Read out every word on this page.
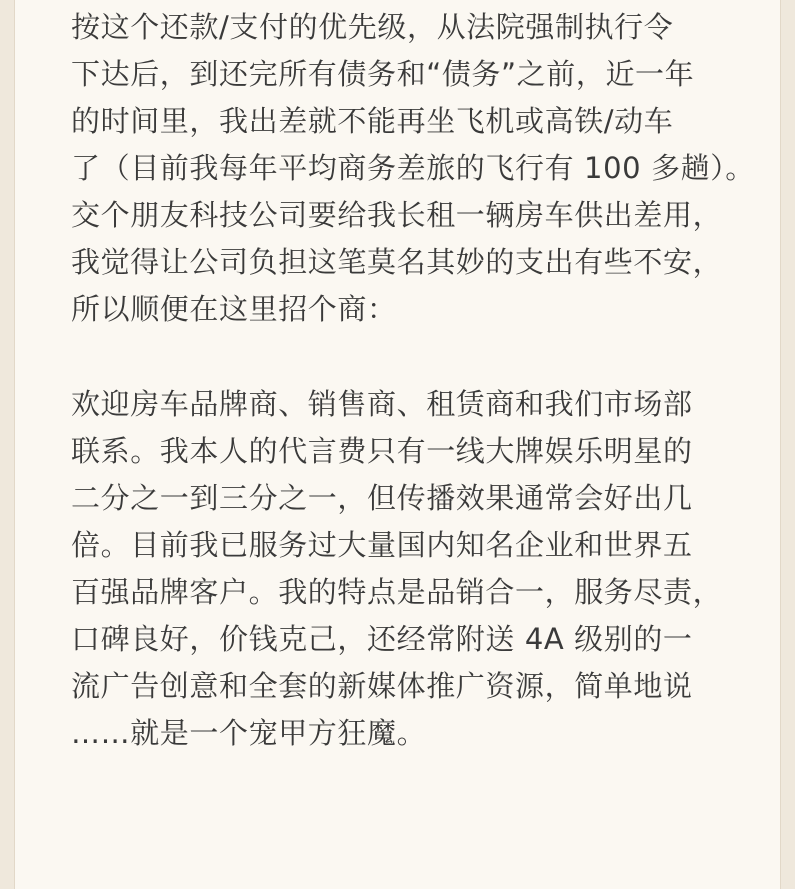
按这个还款/支付的优先级，从法院强制执行令
下达后，到还完所有债务和“债务”之前，近一年
的时间里，我出差就不能再坐飞机或高铁/动车
了（目前我每年平均商务差旅的飞行有 100 多趟）。
交个朋友科技公司要给我长租一辆房车供出差用，
我觉得让公司负担这笔莫名其妙的支出有些不安，
所以顺便在这里招个商：
欢迎房车品牌商、销售商、租赁商和我们市场部
联系。我本人的代言费只有一线大牌娱乐明星的
二分之一到三分之一，但传播效果通常会好出几
倍。目前我已服务过大量国内知名企业和世界五
百强品牌客户。我的特点是品销合一，服务尽责，
口碑良好，价钱克己，还经常附送 4A 级别的一
流广告创意和全套的新媒体推广资源，简单地说
……就是一个宠甲方狂魔。
